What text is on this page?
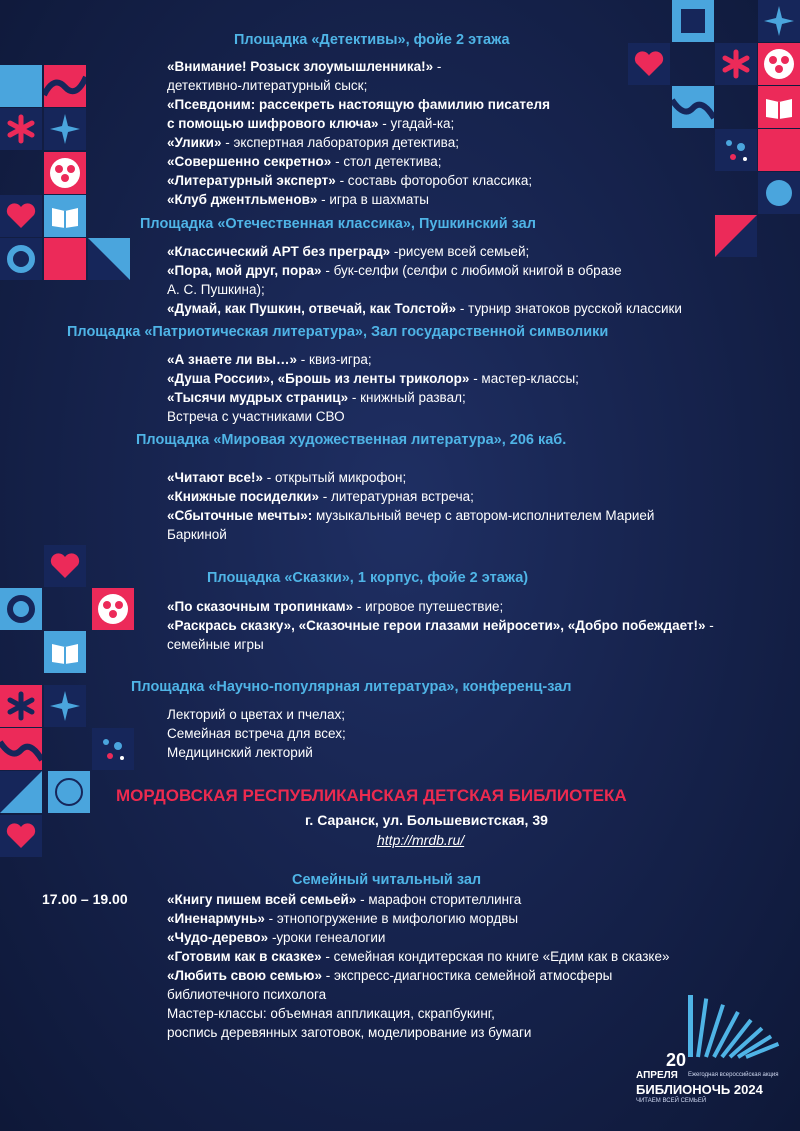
Площадка «Детективы», фойе 2 этажа
«Внимание! Розыск злоумышленника!» -
детективно-литературный сыск;
«Псевдоним: рассекреть настоящую фамилию писателя
с помощью шифрового ключа» - угадай-ка;
«Улики» - экспертная лаборатория детектива;
«Совершенно секретно» - стол детектива;
«Литературный эксперт» - составь фоторобот классика;
«Клуб джентльменов» - игра в шахматы
Площадка «Отечественная классика», Пушкинский зал
«Классический АРТ без преград» -рисуем всей семьей;
«Пора, мой друг, пора» - бук-селфи (селфи с любимой книгой в образе
А. С. Пушкина);
«Думай, как Пушкин, отвечай, как Толстой» - турнир знатоков русской классики
Площадка «Патриотическая литература», Зал государственной символики
«А знаете ли вы…» - квиз-игра;
«Душа России», «Брошь из ленты триколор» - мастер-классы;
«Тысячи мудрых страниц» - книжный развал;
Встреча с участниками СВО
Площадка «Мировая художественная литература», 206 каб.
«Читают все!» - открытый микрофон;
«Книжные посиделки» - литературная встреча;
«Сбыточные мечты»: музыкальный вечер с автором-исполнителем Марией
Баркиной
Площадка «Сказки», 1 корпус, фойе 2 этажа)
«По сказочным тропинкам» - игровое путешествие;
«Раскрась сказку», «Сказочные герои глазами нейросети», «Добро побеждает!» -
семейные игры
Площадка «Научно-популярная литература», конференц-зал
Лекторий о цветах и пчелах;
Семейная встреча для всех;
Медицинский лекторий
МОРДОВСКАЯ РЕСПУБЛИКАНСКАЯ ДЕТСКАЯ БИБЛИОТЕКА
г. Саранск, ул. Большевистская, 39
http://mrdb.ru/
Семейный читальный зал
17.00 – 19.00	«Книгу пишем всей семьей» - марафон сторителлинга
«Иненармунь» - этнопогружение в мифологию мордвы
«Чудо-дерево» -уроки генеалогии
«Готовим как в сказке» - семейная кондитерская по книге «Едим как в сказке»
«Любить свою семью» - экспресс-диагностика семейной атмосферы
библиотечного психолога
Мастер-классы: объемная аппликация, скрапбукинг,
роспись деревянных заготовок, моделирование из бумаги
20
АПРЕЛЯ Ежегодная всероссийская акция
БИБЛИОНОЧЬ 2024
ЧИТАЕМ ВСЕЙ СЕМЬЕЙ
